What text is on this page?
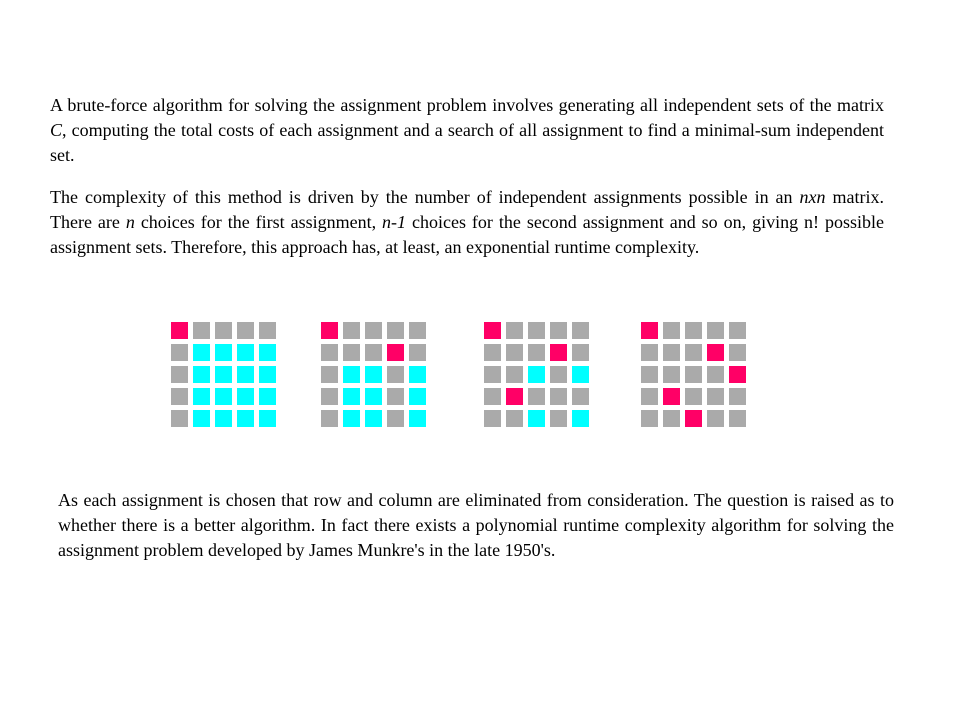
A brute-force algorithm for solving the assignment problem involves generating all independent sets of the matrix C, computing the total costs of each assignment and a search of all assignment to find a minimal-sum independent set.

The complexity of this method is driven by the number of independent assignments possible in an nxn matrix. There are n choices for the first assignment, n-1 choices for the second assignment and so on, giving n! possible assignment sets. Therefore, this approach has, at least, an exponential runtime complexity.

As each assignment is chosen that row and column are eliminated from consideration. The question is raised as to whether there is a better algorithm. In fact there exists a polynomial runtime complexity algorithm for solving the assignment problem developed by James Munkre's in the late 1950's.
